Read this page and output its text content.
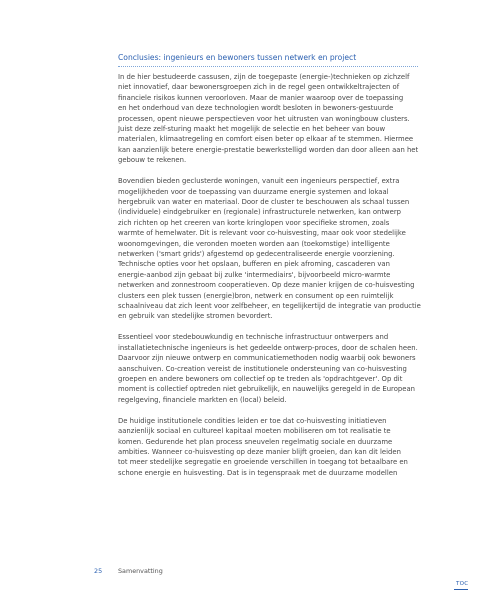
Conclusies: ingenieurs en bewoners tussen netwerk en project

In de hier bestudeerde cassusen, zijn de toegepaste (energie-)technieken op zichzelf
niet innovatief, daar bewonersgroepen zich in de regel geen ontwikkeltrajecten of
financiele risikos kunnen veroorloven. Maar de manier waaroop over de toepassing
en het onderhoud van deze technologien wordt besloten in bewoners-gestuurde
processen, opent nieuwe perspectieven voor het uitrusten van woningbouw clusters.
Juist deze zelf-sturing maakt het mogelijk de selectie en het beheer van bouw
materialen, klimaatregeling en comfort eisen beter op elkaar af te stemmen. Hiermee
kan aanzienlijk betere energie-prestatie bewerkstelligd worden dan door alleen aan het
gebouw te rekenen.

Bovendien bieden geclusterde woningen, vanuit een ingenieurs perspectief, extra
mogelijkheden voor de toepassing van duurzame energie systemen and lokaal
hergebruik van water en materiaal. Door de cluster te beschouwen als schaal tussen
(individuele) eindgebruiker en (regionale) infrastructurele netwerken, kan ontwerp
zich richten op het creeren van korte kringlopen voor specifieke stromen, zoals
warmte of hemelwater. Dit is relevant voor co-huisvesting, maar ook voor stedelijke
woonomgevingen, die veronden moeten worden aan (toekomstige) intelligente
netwerken ('smart grids') afgestemd op gedecentraliseerde energie voorziening.
Technische opties voor het opslaan, bufferen en piek afroming, cascaderen van
energie-aanbod zijn gebaat bij zulke 'intermediairs', bijvoorbeeld micro-warmte
netwerken and zonnestroom cooperatieven. Op deze manier krijgen de co-huisvesting
clusters een plek tussen (energie)bron, netwerk en consument op een ruimtelijk
schaalniveau dat zich leent voor zelfbeheer, en tegelijkertijd de integratie van productie
en gebruik van stedelijke stromen bevordert.

Essentieel voor stedebouwkundig en technische infrastructuur ontwerpers and
installatietechnische ingenieurs is het gedeelde ontwerp-proces, door de schalen heen.
Daarvoor zijn nieuwe ontwerp en communicatiemethoden nodig waarbij ook bewoners
aanschuiven. Co-creation vereist de institutionele ondersteuning van co-huisvesting
groepen en andere bewoners om collectief op te treden als 'opdrachtgever'. Op dit
moment is collectief optreden niet gebruikelijk, en nauwelijks geregeld in de European
regelgeving, financiele markten en (local) beleid.

De huidige institutionele condities leiden er toe dat co-huisvesting initiatieven
aanzienlijk sociaal en cultureel kapitaal moeten mobiliseren om tot realisatie te
komen. Gedurende het plan process sneuvelen regelmatig sociale en duurzame
ambities. Wanneer co-huisvesting op deze manier blijft groeien, dan kan dit leiden
tot meer stedelijke segregatie en groeiende verschillen in toegang tot betaalbare en
schone energie en huisvesting. Dat is in tegenspraak met de duurzame modellen

25 Samenvatting
TOC
